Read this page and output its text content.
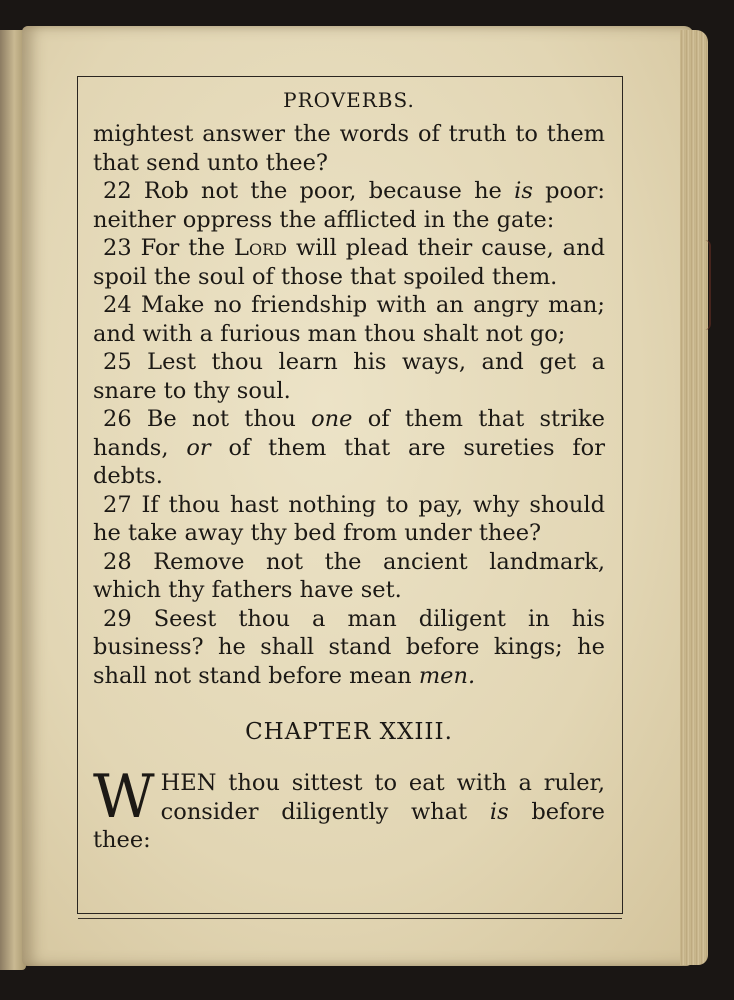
PROVERBS.

mightest answer the words of truth to them that send unto thee?

22 Rob not the poor, because he is poor: neither oppress the afflicted in the gate:

23 For the Lord will plead their cause, and spoil the soul of those that spoiled them.

24 Make no friendship with an angry man; and with a furious man thou shalt not go;

25 Lest thou learn his ways, and get a snare to thy soul.

26 Be not thou one of them that strike hands, or of them that are sureties for debts.

27 If thou hast nothing to pay, why should he take away thy bed from under thee?

28 Remove not the ancient landmark, which thy fathers have set.

29 Seest thou a man diligent in his business? he shall stand before kings; he shall not stand before mean men.

CHAPTER XXIII.

W HEN thou sittest to eat with a ruler, consider diligently what is before thee:
